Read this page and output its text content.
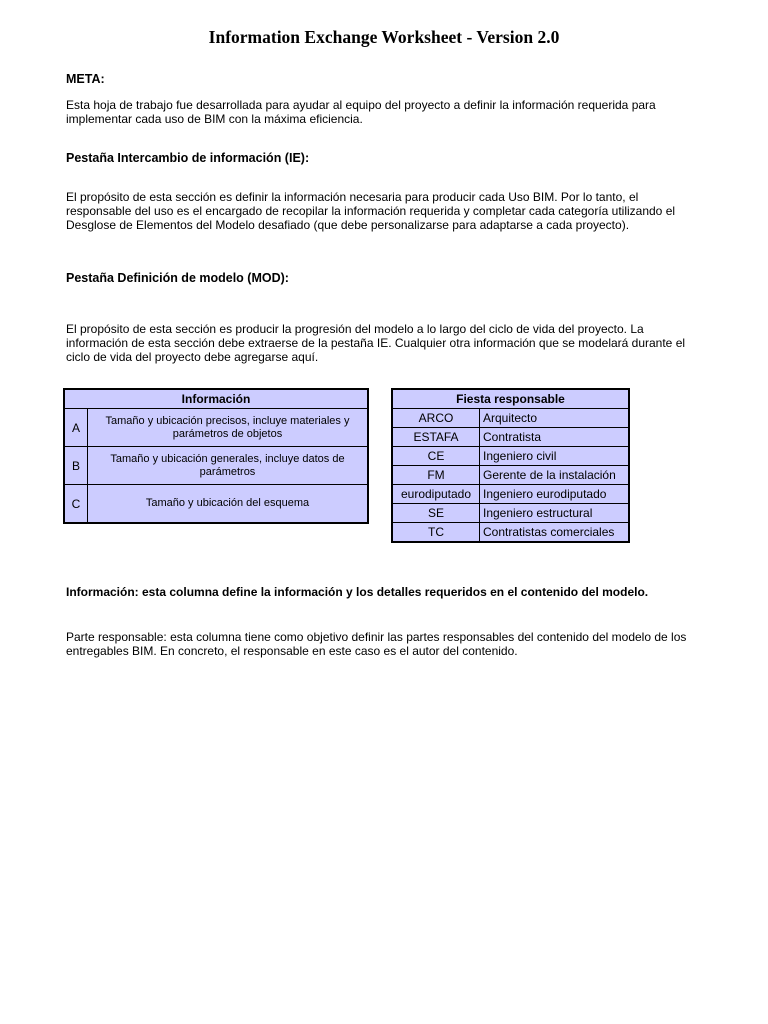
Information Exchange Worksheet - Version 2.0
META:
Esta hoja de trabajo fue desarrollada para ayudar al equipo del proyecto a definir la información requerida para implementar cada uso de BIM con la máxima eficiencia.
Pestaña Intercambio de información (IE):
El propósito de esta sección es definir la información necesaria para producir cada Uso BIM. Por lo tanto, el responsable del uso es el encargado de recopilar la información requerida y completar cada categoría utilizando el Desglose de Elementos del Modelo desafiado (que debe personalizarse para adaptarse a cada proyecto).
Pestaña Definición de modelo (MOD):
El propósito de esta sección es producir la progresión del modelo a lo largo del ciclo de vida del proyecto. La información de esta sección debe extraerse de la pestaña IE. Cualquier otra información que se modelará durante el ciclo de vida del proyecto debe agregarse aquí.
Información	
A	Tamaño y ubicación precisos, incluye materiales y parámetros de objetos
B	Tamaño y ubicación generales, incluye datos de parámetros
C	Tamaño y ubicación del esquema
Fiesta responsable	
ARCO	Arquitecto
ESTAFA	Contratista
CE	Ingeniero civil
FM	Gerente de la instalación
eurodiputado	Ingeniero eurodiputado
SE	Ingeniero estructural
TC	Contratistas comerciales
Información: esta columna define la información y los detalles requeridos en el contenido del modelo.
Parte responsable: esta columna tiene como objetivo definir las partes responsables del contenido del modelo de los entregables BIM. En concreto, el responsable en este caso es el autor del contenido.
